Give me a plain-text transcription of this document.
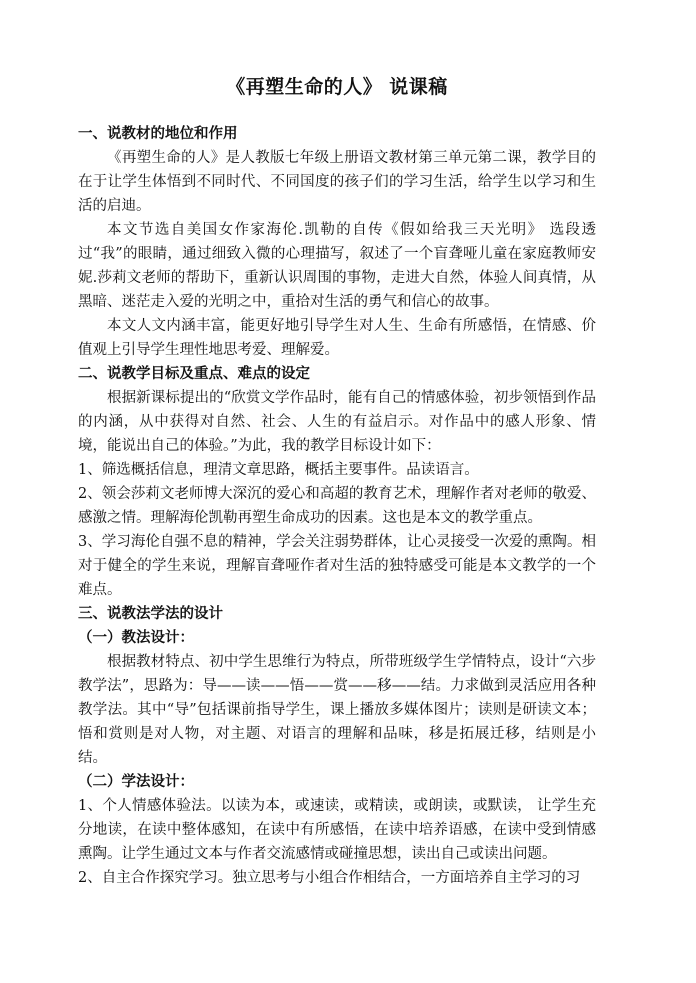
《再塑生命的人》 说课稿

一、说教材的地位和作用

《再塑生命的人》是人教版七年级上册语文教材第三单元第二课，教学目的在于让学生体悟到不同时代、不同国度的孩子们的学习生活，给学生以学习和生活的启迪。

本文节选自美国女作家海伦.凯勒的自传《假如给我三天光明》 选段透过“我”的眼睛，通过细致入微的心理描写，叙述了一个盲聋哑儿童在家庭教师安妮.莎莉文老师的帮助下，重新认识周围的事物，走进大自然，体验人间真情，从黑暗、迷茫走入爱的光明之中，重拾对生活的勇气和信心的故事。

本文人文内涵丰富，能更好地引导学生对人生、生命有所感悟，在情感、价值观上引导学生理性地思考爱、理解爱。

二、说教学目标及重点、难点的设定

根据新课标提出的“欣赏文学作品时，能有自己的情感体验，初步领悟到作品的内涵，从中获得对自然、社会、人生的有益启示。对作品中的感人形象、情境，能说出自己的体验。”为此，我的教学目标设计如下：

1、筛选概括信息，理清文章思路，概括主要事件。品读语言。

2、领会莎莉文老师博大深沉的爱心和高超的教育艺术，理解作者对老师的敬爱、感激之情。理解海伦凯勒再塑生命成功的因素。这也是本文的教学重点。

3、学习海伦自强不息的精神，学会关注弱势群体，让心灵接受一次爱的熏陶。相对于健全的学生来说，理解盲聋哑作者对生活的独特感受可能是本文教学的一个难点。

三、说教法学法的设计

（一）教法设计：

根据教材特点、初中学生思维行为特点，所带班级学生学情特点，设计“六步教学法”，思路为：导——读——悟——赏——移——结。力求做到灵活应用各种教学法。其中“导”包括课前指导学生，课上播放多媒体图片；读则是研读文本；悟和赏则是对人物，对主题、对语言的理解和品味，移是拓展迁移，结则是小结。

（二）学法设计：

1、个人情感体验法。以读为本，或速读，或精读，或朗读，或默读， 让学生充分地读，在读中整体感知，在读中有所感悟，在读中培养语感，在读中受到情感熏陶。让学生通过文本与作者交流感情或碰撞思想，读出自己或读出问题。

2、自主合作探究学习。独立思考与小组合作相结合，一方面培养自主学习的习
